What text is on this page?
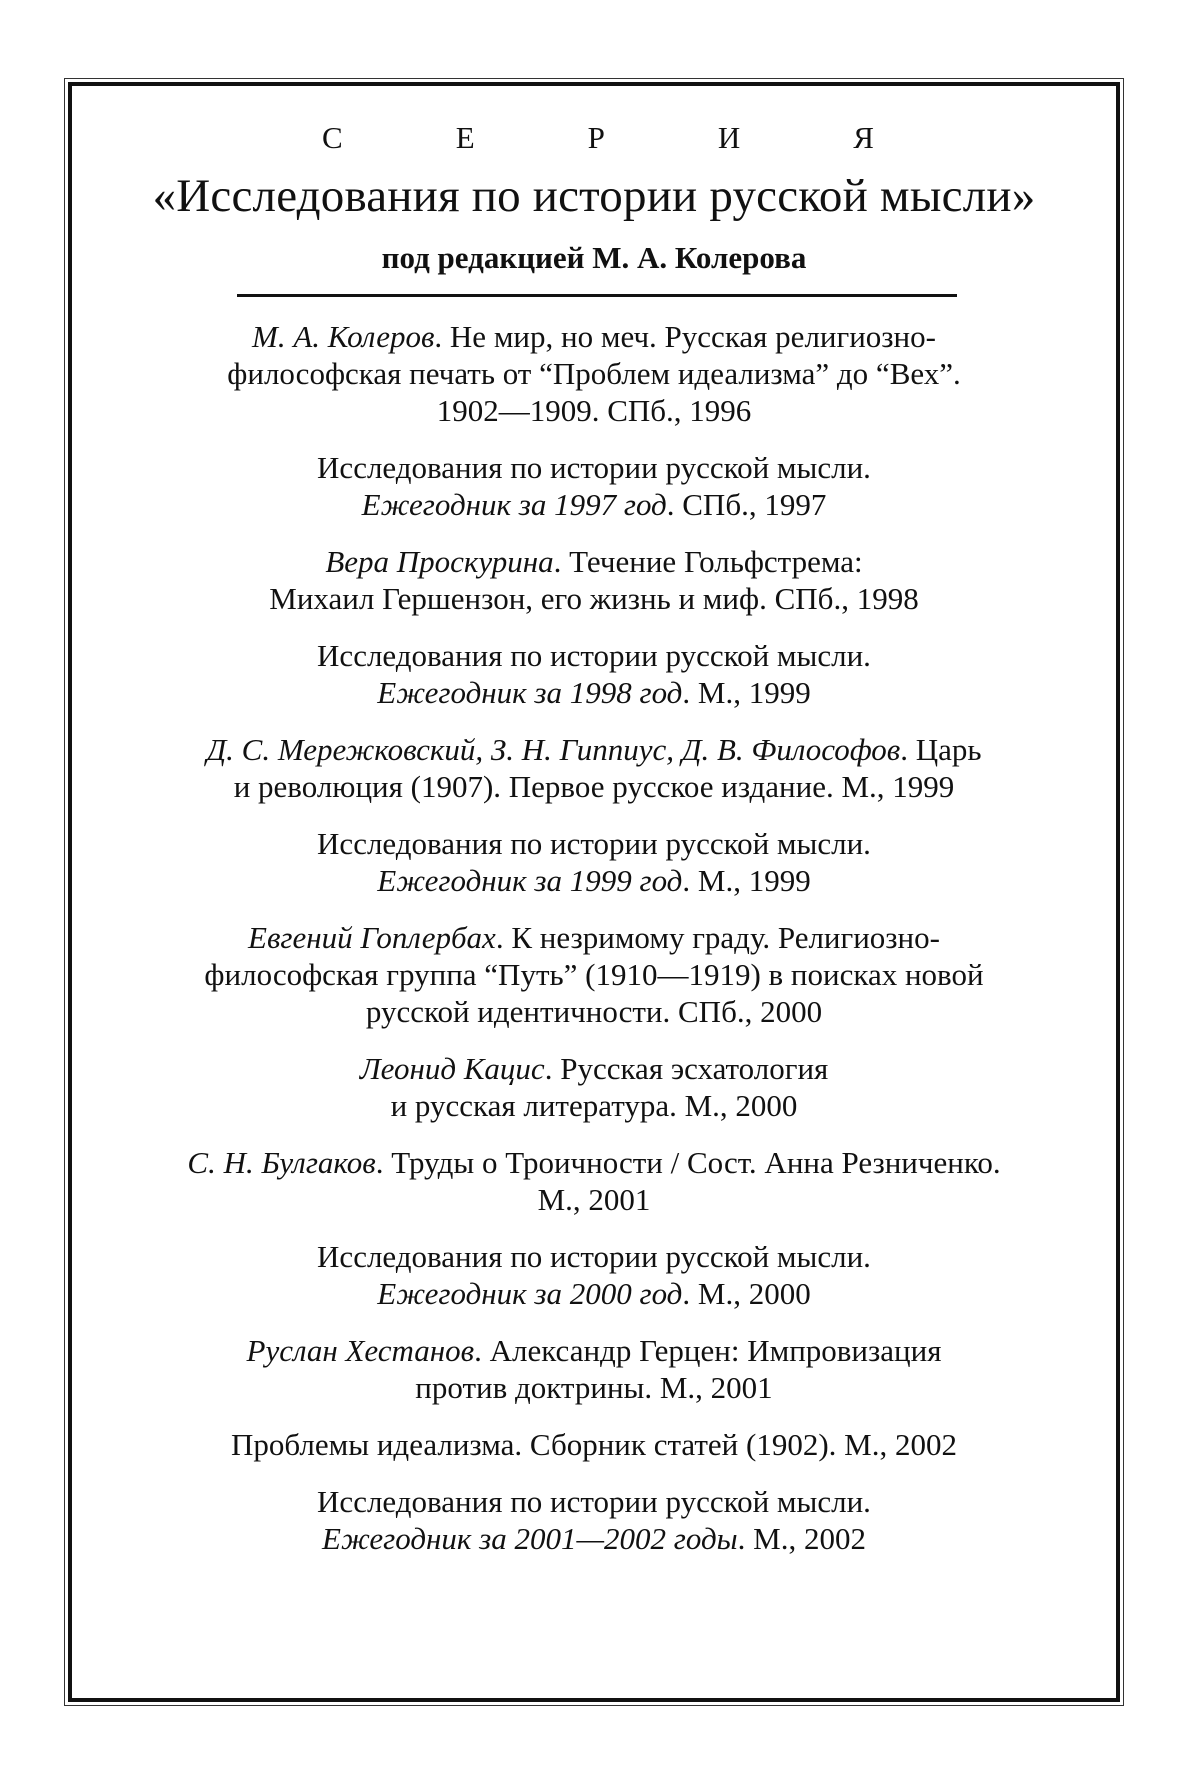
С	Е	Р	И	Я
«Исследования по истории русской мысли»
под редакцией М. А. Колерова
М. А. Колеров. Не мир, но меч. Русская религиозно-
философская печать от “Проблем идеализма” до “Вех”.
1902—1909. СПб., 1996
Исследования по истории русской мысли.
Ежегодник за 1997 год. СПб., 1997
Вера Проскурина. Течение Гольфстрема:
Михаил Гершензон, его жизнь и миф. СПб., 1998
Исследования по истории русской мысли.
Ежегодник за 1998 год. М., 1999
Д. С. Мережковский, З. Н. Гиппиус, Д. В. Философов. Царь
и революция (1907). Первое русское издание. М., 1999
Исследования по истории русской мысли.
Ежегодник за 1999 год. М., 1999
Евгений Гоплербах. К незримому граду. Религиозно-
философская группа “Путь” (1910—1919) в поисках новой
русской идентичности. СПб., 2000
Леонид Кацис. Русская эсхатология
и русская литература. М., 2000
С. Н. Булгаков. Труды о Троичности / Сост. Анна Резниченко.
М., 2001
Исследования по истории русской мысли.
Ежегодник за 2000 год. М., 2000
Руслан Хестанов. Александр Герцен: Импровизация
против доктрины. М., 2001
Проблемы идеализма. Сборник статей (1902). М., 2002
Исследования по истории русской мысли.
Ежегодник за 2001—2002 годы. М., 2002
